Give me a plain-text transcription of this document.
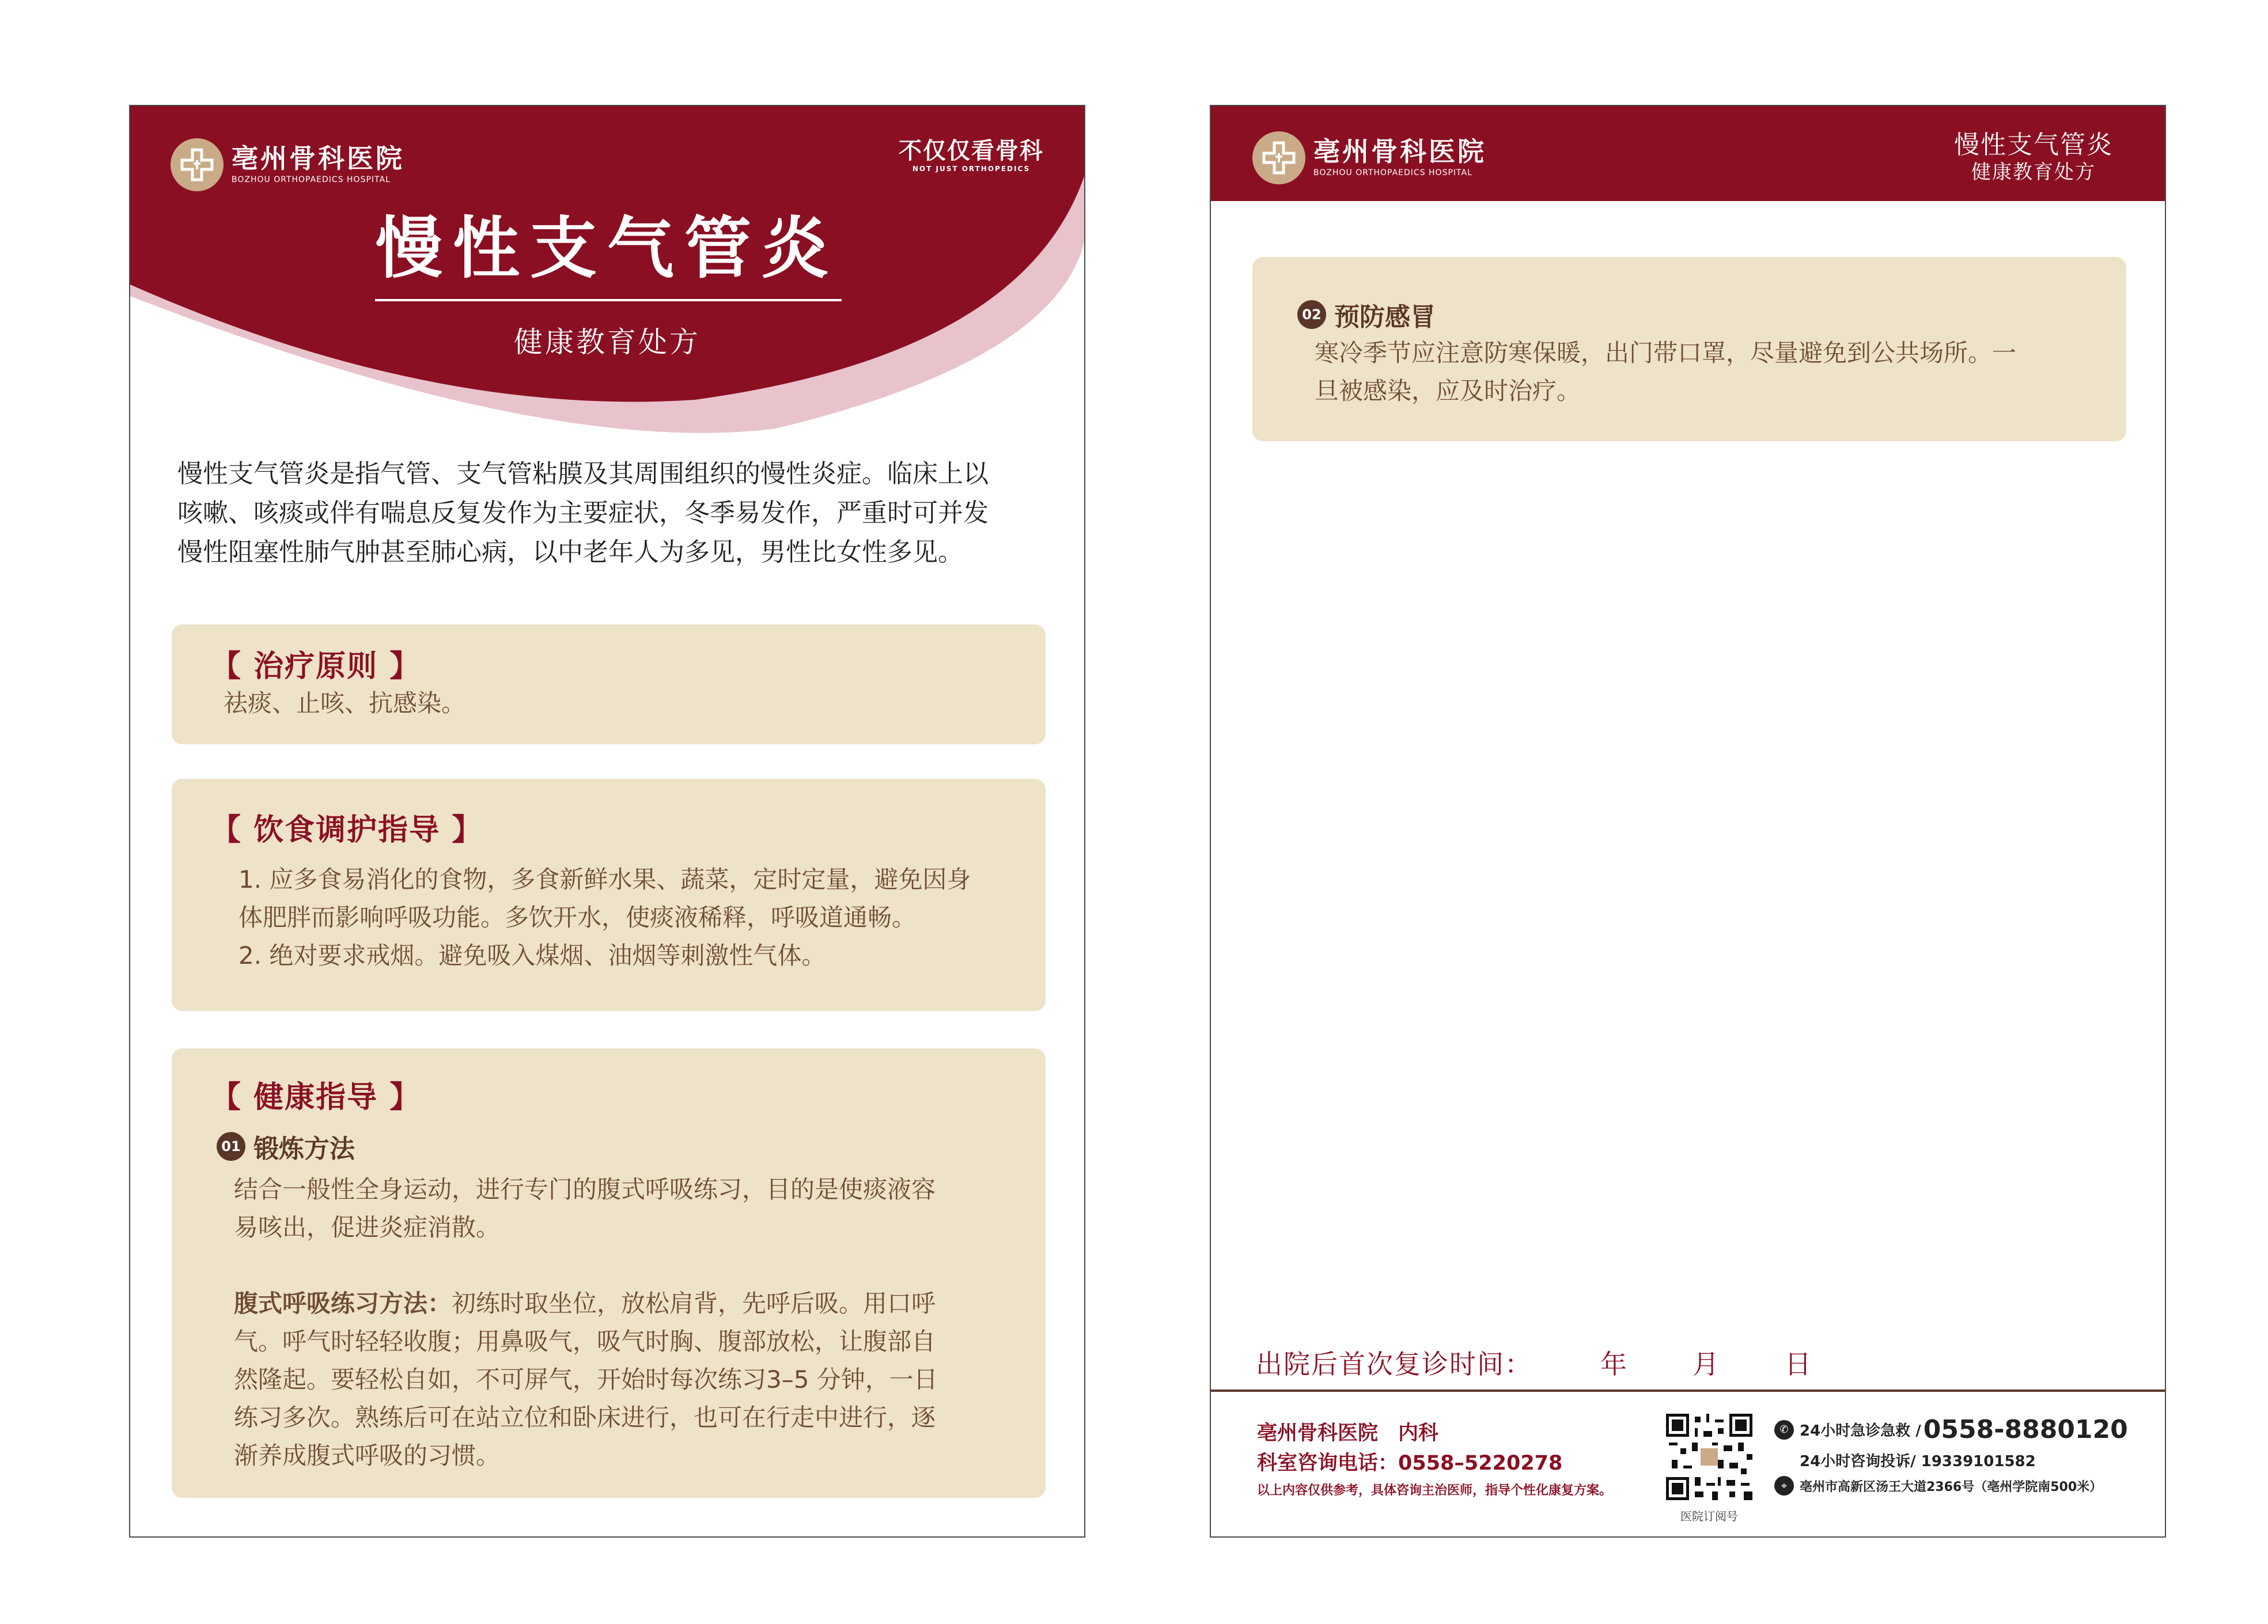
亳州骨科医院
BOZHOU ORTHOPAEDICS HOSPITAL
不仅仅看骨科
NOT JUST ORTHOPEDICS
慢性支气管炎
健康教育处方
慢性支气管炎是指气管、支气管粘膜及其周围组织的慢性炎症。临床上以
咳嗽、咳痰或伴有喘息反复发作为主要症状，冬季易发作，严重时可并发
慢性阻塞性肺气肿甚至肺心病，以中老年人为多见，男性比女性多见。
【 治疗原则 】
祛痰、止咳、抗感染。
【 饮食调护指导 】
1. 应多食易消化的食物，多食新鲜水果、蔬菜，定时定量，避免因身
体肥胖而影响呼吸功能。多饮开水，使痰液稀释，呼吸道通畅。
2. 绝对要求戒烟。避免吸入煤烟、油烟等刺激性气体。
【 健康指导 】
01 锻炼方法
结合一般性全身运动，进行专门的腹式呼吸练习，目的是使痰液容
易咳出，促进炎症消散。
腹式呼吸练习方法：初练时取坐位，放松肩背，先呼后吸。用口呼
气。呼气时轻轻收腹；用鼻吸气，吸气时胸、腹部放松，让腹部自
然隆起。要轻松自如，不可屏气，开始时每次练习3–5 分钟，一日
练习多次。熟练后可在站立位和卧床进行，也可在行走中进行，逐
渐养成腹式呼吸的习惯。
亳州骨科医院
BOZHOU ORTHOPAEDICS HOSPITAL
慢性支气管炎
健康教育处方
02 预防感冒
寒冷季节应注意防寒保暖，出门带口罩，尽量避免到公共场所。一
旦被感染，应及时治疗。
出院后首次复诊时间：	年 月 日
亳州骨科医院　内科
科室咨询电话：0558–5220278
以上内容仅供参考，具体咨询主治医师，指导个性化康复方案。
医院订阅号
✆ 24小时急诊急救 / 0558-8880120
24小时咨询投诉/ 19339101582
⌖ 亳州市高新区汤王大道2366号（亳州学院南500米）
